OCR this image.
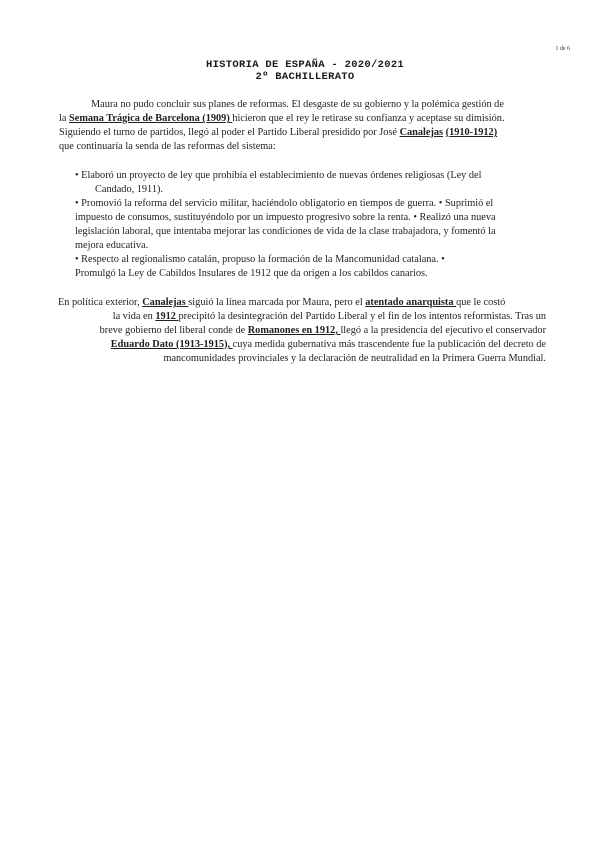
1 de 6
HISTORIA DE ESPAÑA - 2020/2021
2º BACHILLERATO
Maura no pudo concluir sus planes de reformas. El desgaste de su gobierno y la polémica gestión de
la Semana Trágica de Barcelona (1909) hicieron que el rey le retirase su confianza y aceptase su dimisión.
Siguiendo el turno de partidos, llegó al poder el Partido Liberal presidido por José Canalejas (1910-1912)
que continuaría la senda de las reformas del sistema:
• Elaboró un proyecto de ley que prohibía el establecimiento de nuevas órdenes religiosas (Ley del
Candado, 1911).
• Promovió la reforma del servicio militar, haciéndolo obligatorio en tiempos de guerra. • Suprimió el
impuesto de consumos, sustituyéndolo por un impuesto progresivo sobre la renta. • Realizó una nueva
legislación laboral, que intentaba mejorar las condiciones de vida de la clase trabajadora, y fomentó la
mejora educativa.
• Respecto al regionalismo catalán, propuso la formación de la Mancomunidad catalana. •
Promulgó la Ley de Cabildos Insulares de 1912 que da origen a los cabildos canarios.
En política exterior, Canalejas siguió la línea marcada por Maura, pero el atentado anarquista que le costó
la vida en 1912 precipitó la desintegración del Partido Liberal y el fin de los intentos reformistas. Tras un
breve gobierno del liberal conde de Romanones en 1912, llegó a la presidencia del ejecutivo el conservador
Eduardo Dato (1913-1915), cuya medida gubernativa más trascendente fue la publicación del decreto de
mancomunidades provinciales y la declaración de neutralidad en la Primera Guerra Mundial.
